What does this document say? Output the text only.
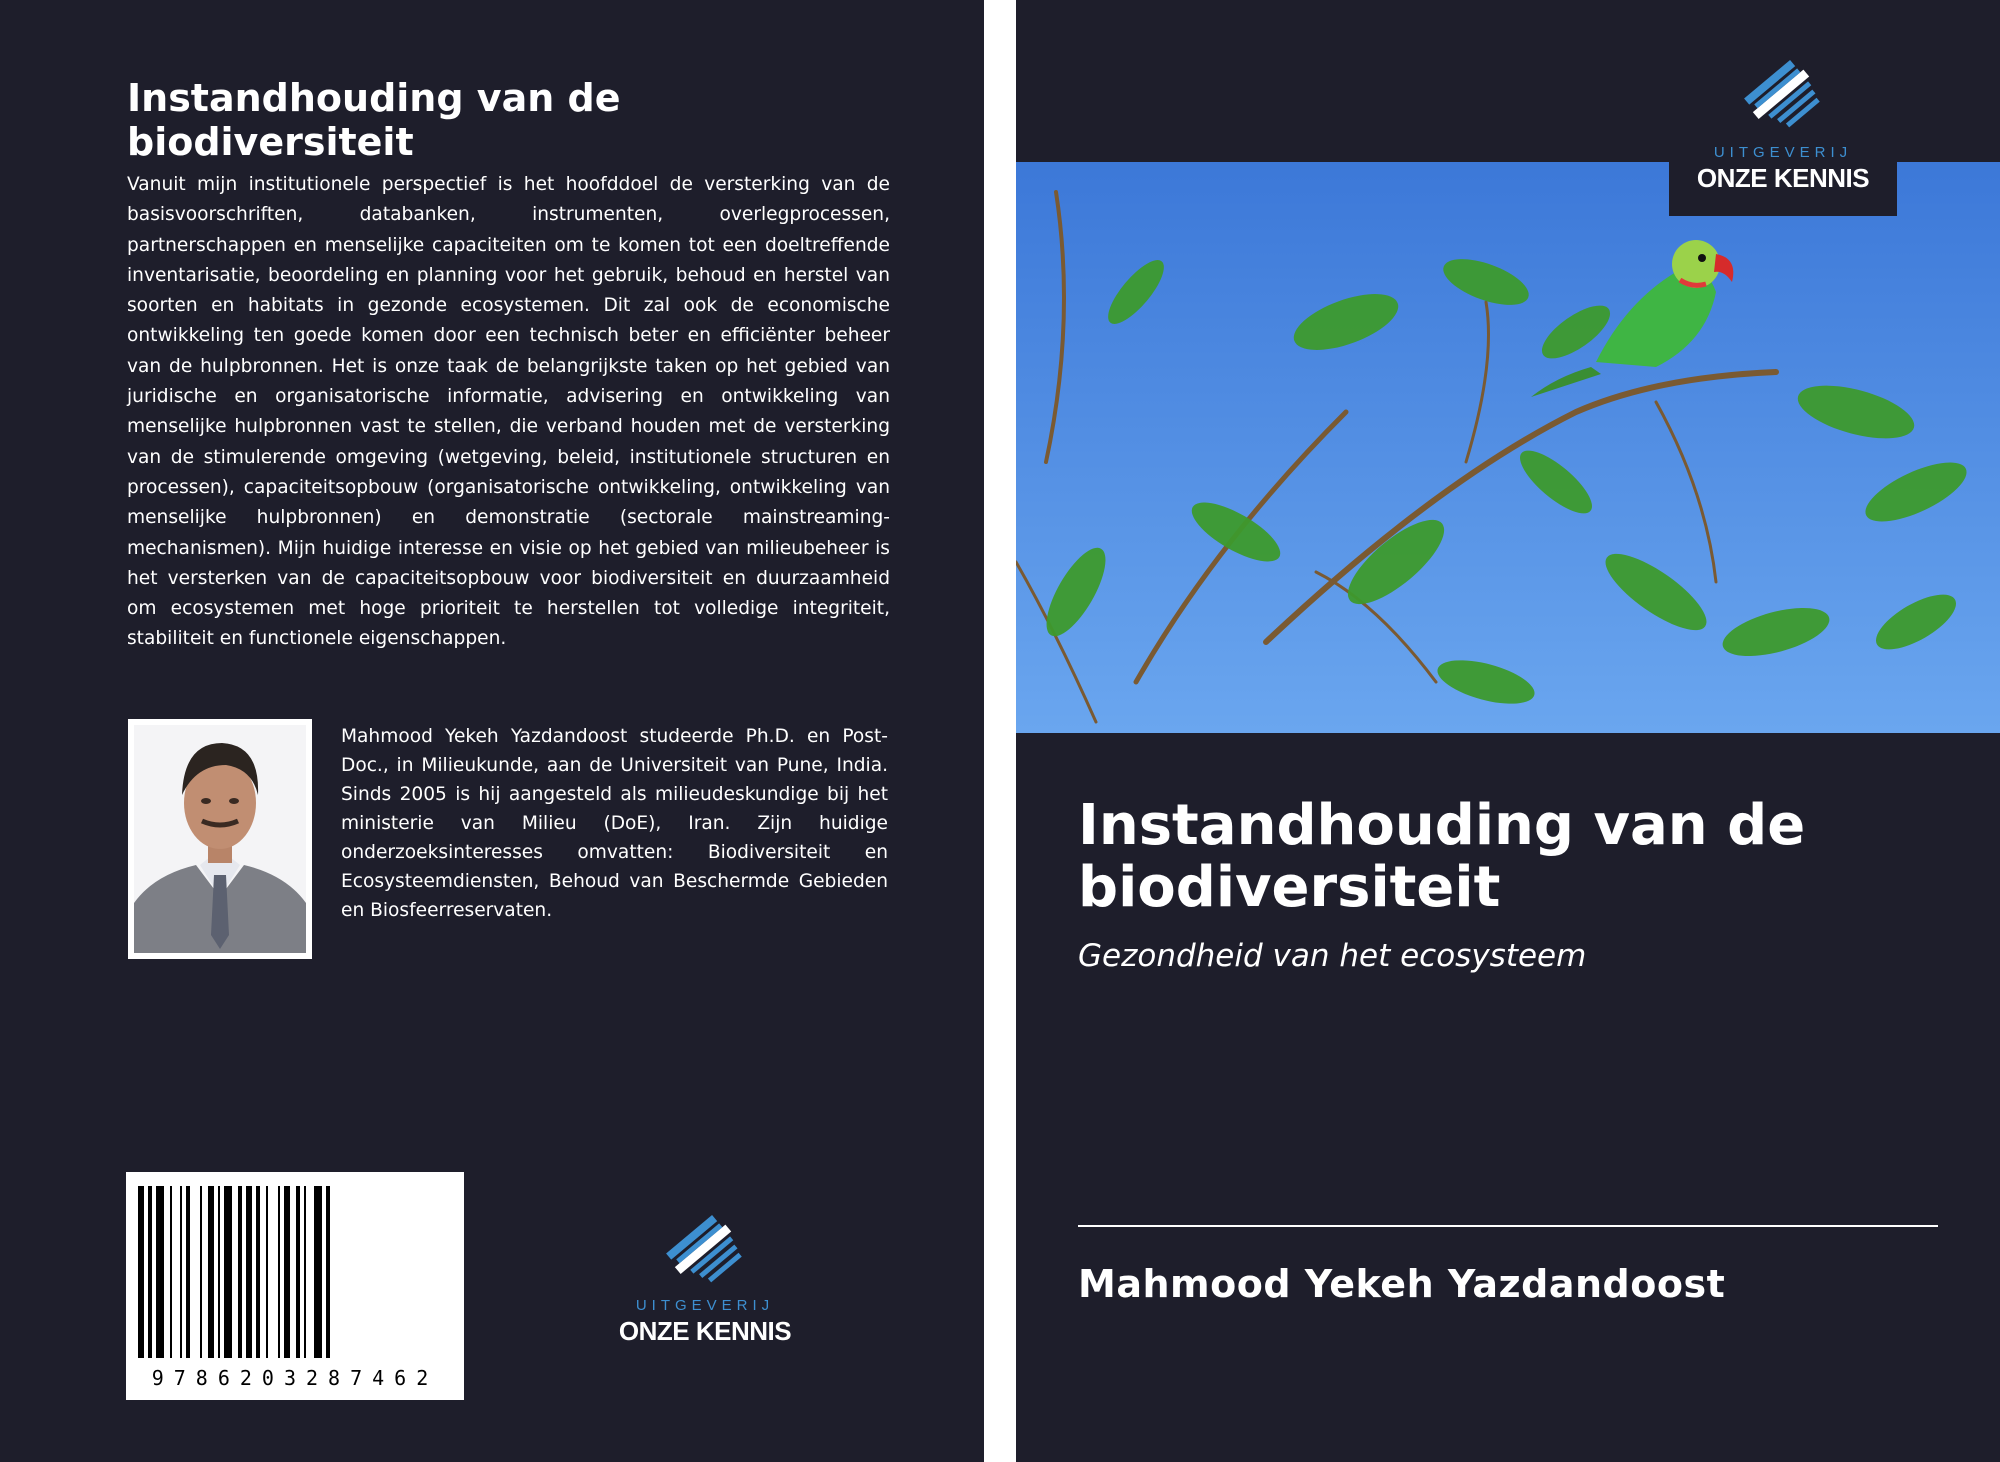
Instandhouding van de biodiversiteit

Vanuit mijn institutionele perspectief is het hoofddoel de versterking van de basisvoorschriften, databanken, instrumenten, overlegprocessen, partnerschappen en menselijke capaciteiten om te komen tot een doeltreffende inventarisatie, beoordeling en planning voor het gebruik, behoud en herstel van soorten en habitats in gezonde ecosystemen. Dit zal ook de economische ontwikkeling ten goede komen door een technisch beter en efficiënter beheer van de hulpbronnen. Het is onze taak de belangrijkste taken op het gebied van juridische en organisatorische informatie, advisering en ontwikkeling van menselijke hulpbronnen vast te stellen, die verband houden met de versterking van de stimulerende omgeving (wetgeving, beleid, institutionele structuren en processen), capaciteitsopbouw (organisatorische ontwikkeling, ontwikkeling van menselijke hulpbronnen) en demonstratie (sectorale mainstreaming-mechanismen). Mijn huidige interesse en visie op het gebied van milieubeheer is het versterken van de capaciteitsopbouw voor biodiversiteit en duurzaamheid om ecosystemen met hoge prioriteit te herstellen tot volledige integriteit, stabiliteit en functionele eigenschappen.

Mahmood Yekeh Yazdandoost studeerde Ph.D. en Post-Doc., in Milieukunde, aan de Universiteit van Pune, India. Sinds 2005 is hij aangesteld als milieudeskundige bij het ministerie van Milieu (DoE), Iran. Zijn huidige onderzoeksinteresses omvatten: Biodiversiteit en Ecosysteemdiensten, Behoud van Beschermde Gebieden en Biosfeerreservaten.

9786203287462
UITGEVERIJ
ONZE KENNIS
UITGEVERIJ
ONZE KENNIS
Instandhouding van de biodiversiteit

Gezondheid van het ecosysteem

Mahmood Yekeh Yazdandoost
